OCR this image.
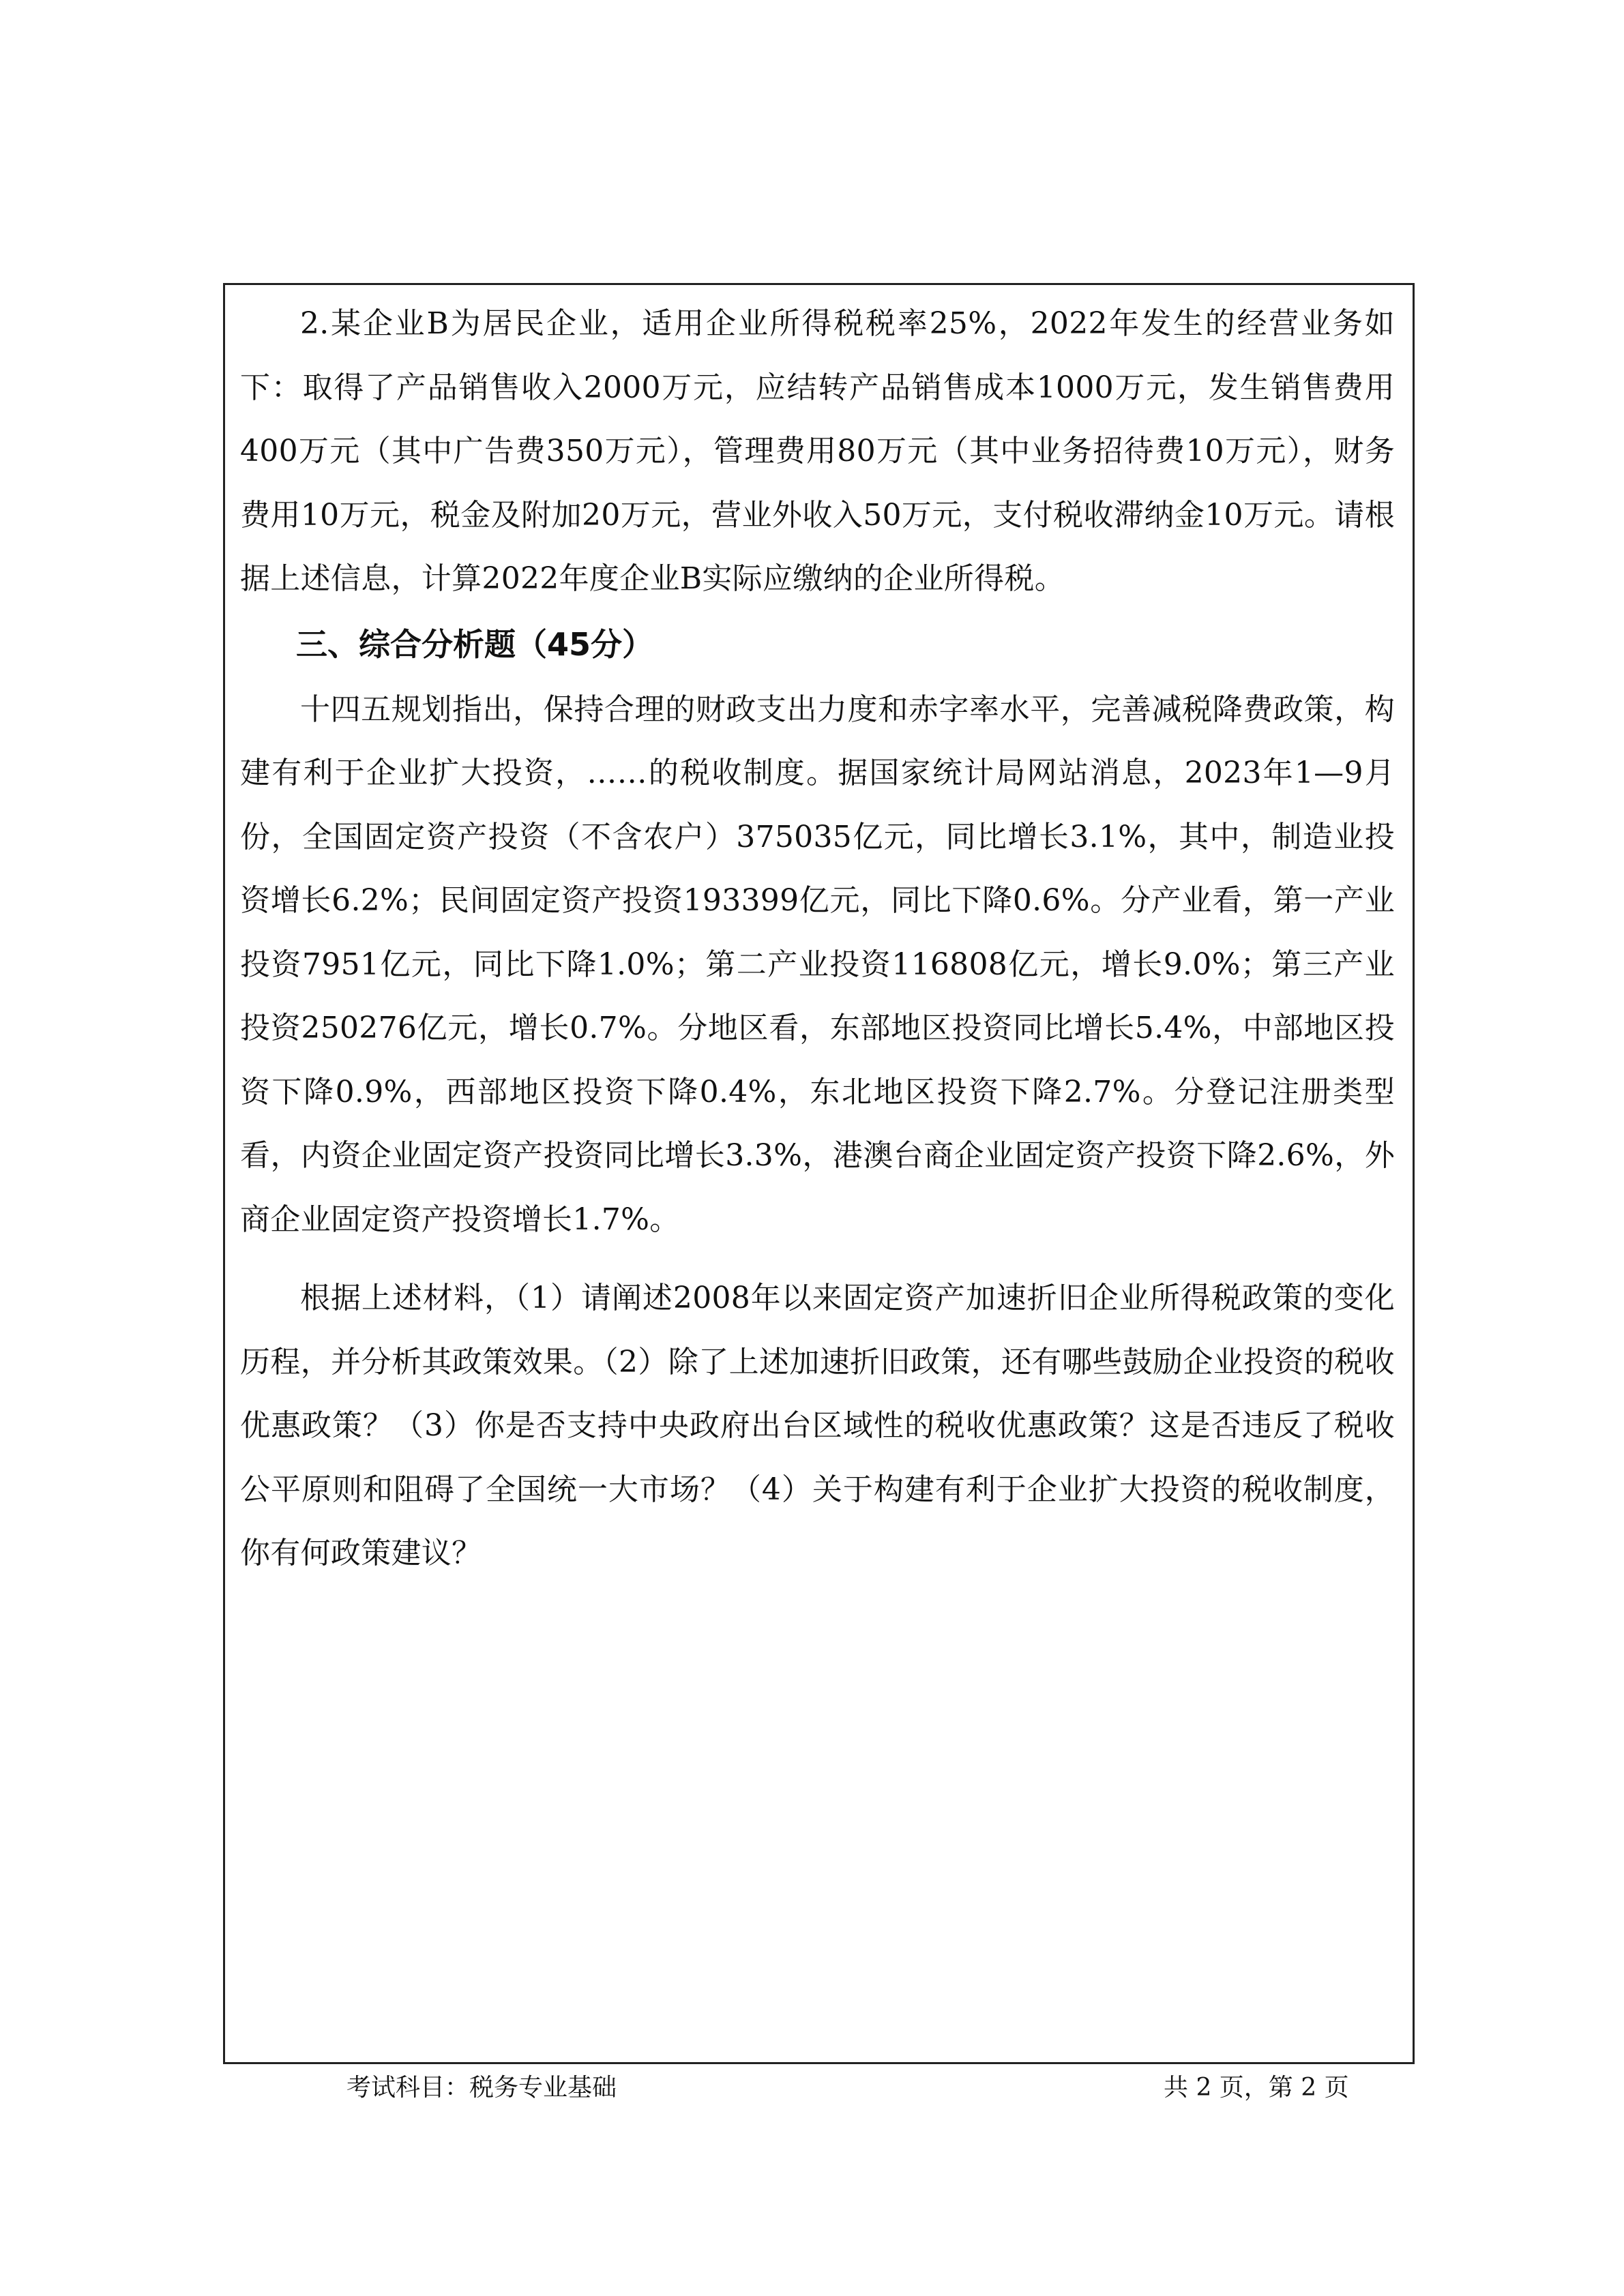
2.某企业B为居民企业，适用企业所得税税率25%，2022年发生的经营业务如下：取得了产品销售收入2000万元，应结转产品销售成本1000万元，发生销售费用400万元（其中广告费350万元），管理费用80万元（其中业务招待费10万元），财务费用10万元，税金及附加20万元，营业外收入50万元，支付税收滞纳金10万元。请根据上述信息，计算2022年度企业B实际应缴纳的企业所得税。

三、综合分析题（45分）

十四五规划指出，保持合理的财政支出力度和赤字率水平，完善减税降费政策，构建有利于企业扩大投资，……的税收制度。据国家统计局网站消息，2023年1—9月份，全国固定资产投资（不含农户）375035亿元，同比增长3.1%，其中，制造业投资增长6.2%；民间固定资产投资193399亿元，同比下降0.6%。分产业看，第一产业投资7951亿元，同比下降1.0%；第二产业投资116808亿元，增长9.0%；第三产业投资250276亿元，增长0.7%。分地区看，东部地区投资同比增长5.4%，中部地区投资下降0.9%，西部地区投资下降0.4%，东北地区投资下降2.7%。分登记注册类型看，内资企业固定资产投资同比增长3.3%，港澳台商企业固定资产投资下降2.6%，外商企业固定资产投资增长1.7%。

根据上述材料，（1）请阐述2008年以来固定资产加速折旧企业所得税政策的变化历程，并分析其政策效果。（2）除了上述加速折旧政策，还有哪些鼓励企业投资的税收优惠政策？（3）你是否支持中央政府出台区域性的税收优惠政策？这是否违反了税收公平原则和阻碍了全国统一大市场？（4）关于构建有利于企业扩大投资的税收制度，你有何政策建议？

考试科目：税务专业基础	共 2 页，第 2 页
